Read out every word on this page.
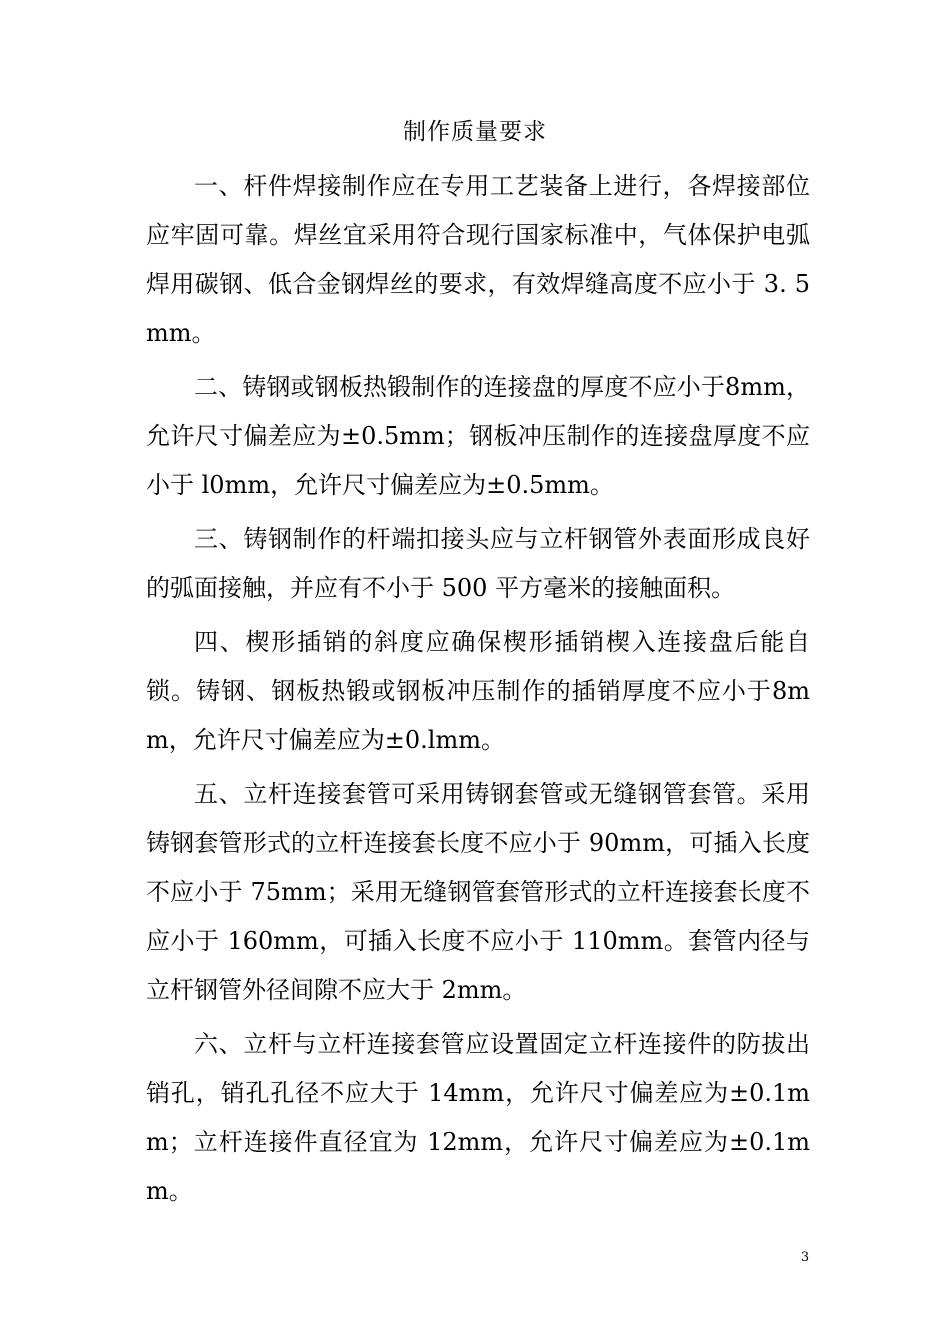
制作质量要求

一、杆件焊接制作应在专用工艺装备上进行，各焊接部位应牢固可靠。焊丝宜采用符合现行国家标准中，气体保护电弧焊用碳钢、低合金钢焊丝的要求，有效焊缝高度不应小于 3. 5mm。

二、铸钢或钢板热锻制作的连接盘的厚度不应小于8mm，允许尺寸偏差应为±0.5mm；钢板冲压制作的连接盘厚度不应小于 l0mm，允许尺寸偏差应为±0.5mm。

三、铸钢制作的杆端扣接头应与立杆钢管外表面形成良好的弧面接触，并应有不小于 500 平方毫米的接触面积。

四、楔形插销的斜度应确保楔形插销楔入连接盘后能自锁。铸钢、钢板热锻或钢板冲压制作的插销厚度不应小于8mm，允许尺寸偏差应为±0.lmm。

五、立杆连接套管可采用铸钢套管或无缝钢管套管。采用铸钢套管形式的立杆连接套长度不应小于 90mm，可插入长度不应小于 75mm；采用无缝钢管套管形式的立杆连接套长度不应小于 160mm，可插入长度不应小于 110mm。套管内径与立杆钢管外径间隙不应大于 2mm。

六、立杆与立杆连接套管应设置固定立杆连接件的防拔出销孔，销孔孔径不应大于 14mm，允许尺寸偏差应为±0.1mm；立杆连接件直径宜为 12mm，允许尺寸偏差应为±0.1mm。

3
